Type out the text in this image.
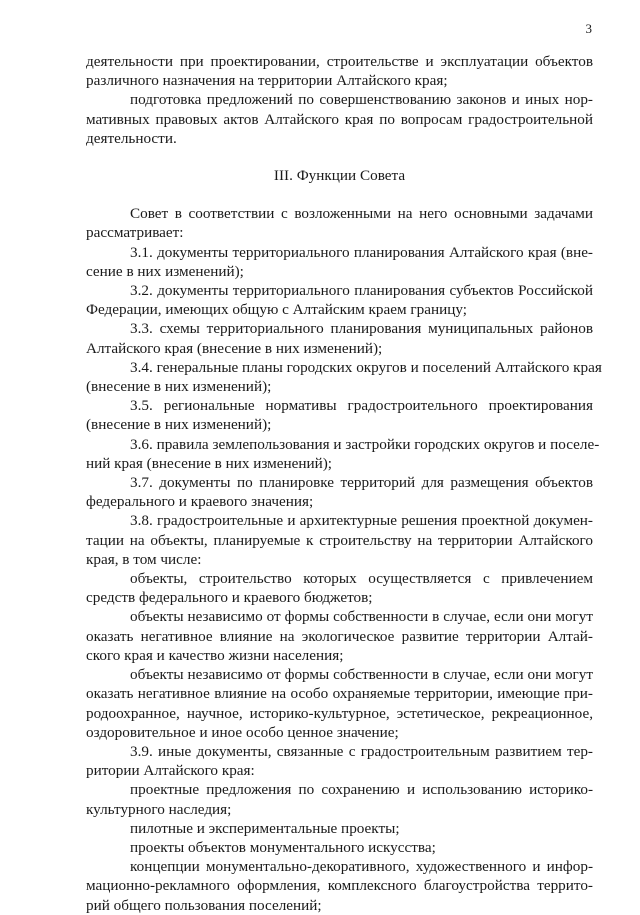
3

деятельности при проектировании, строительстве и эксплуатации объектов
различного назначения на территории Алтайского края;

подготовка предложений по совершенствованию законов и иных нор-
мативных правовых актов Алтайского края по вопросам градостроительной
деятельности.

III. Функции Совета

Совет в соответствии с возложенными на него основными задачами
рассматривает:

3.1. документы территориального планирования Алтайского края (вне-
сение в них изменений);

3.2. документы территориального планирования субъектов Российской
Федерации, имеющих общую с Алтайским краем границу;

3.3. схемы территориального планирования муниципальных районов
Алтайского края (внесение в них изменений);

3.4. генеральные планы городских округов и поселений Алтайского края
(внесение в них изменений);

3.5. региональные нормативы градостроительного проектирования
(внесение в них изменений);

3.6. правила землепользования и застройки городских округов и поселе-
ний края (внесение в них изменений);

3.7. документы по планировке территорий для размещения объектов
федерального и краевого значения;

3.8. градостроительные и архитектурные решения проектной докумен-
тации на объекты, планируемые к строительству на территории Алтайского
края, в том числе:

объекты, строительство которых осуществляется с привлечением
средств федерального и краевого бюджетов;

объекты независимо от формы собственности в случае, если они могут
оказать негативное влияние на экологическое развитие территории Алтай-
ского края и качество жизни населения;

объекты независимо от формы собственности в случае, если они могут
оказать негативное влияние на особо охраняемые территории, имеющие при-
родоохранное, научное, историко-культурное, эстетическое, рекреационное,
оздоровительное и иное особо ценное значение;

3.9. иные документы, связанные с градостроительным развитием тер-
ритории Алтайского края:

проектные предложения по сохранению и использованию историко-
культурного наследия;

пилотные и экспериментальные проекты;

проекты объектов монументального искусства;

концепции монументально-декоративного, художественного и инфор-
мационно-рекламного оформления, комплексного благоустройства террито-
рий общего пользования поселений;
